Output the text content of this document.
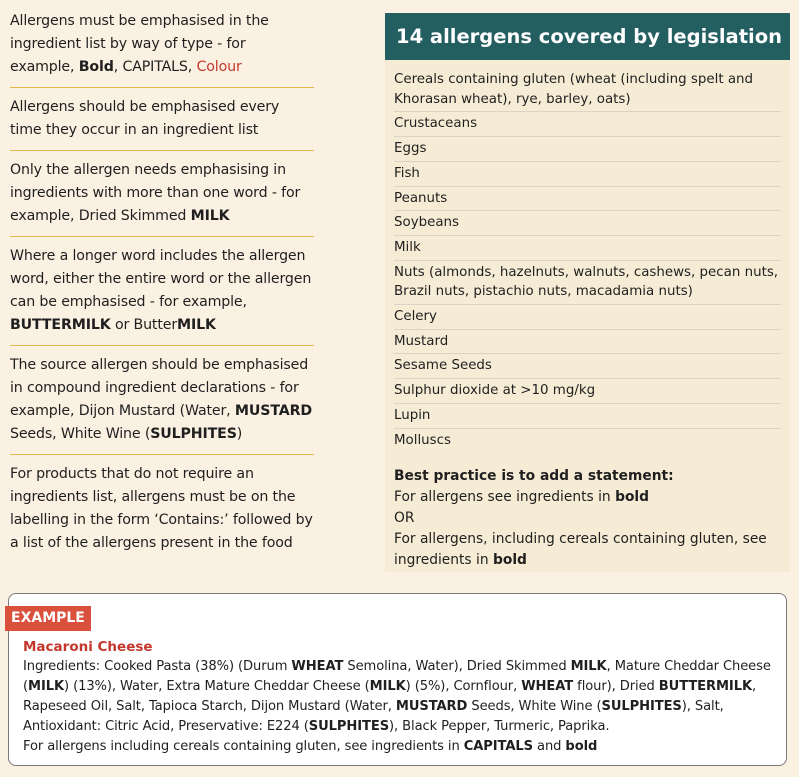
Allergens must be emphasised in the ingredient list by way of type - for example, Bold, CAPITALS, Colour
Allergens should be emphasised every time they occur in an ingredient list
Only the allergen needs emphasising in ingredients with more than one word - for example, Dried Skimmed MILK
Where a longer word includes the allergen word, either the entire word or the allergen can be emphasised - for example, BUTTERMILK or ButterMILK
The source allergen should be emphasised in compound ingredient declarations - for example, Dijon Mustard (Water, MUSTARD Seeds, White Wine (SULPHITES)
For products that do not require an ingredients list, allergens must be on the labelling in the form ‘Contains:’ followed by a list of the allergens present in the food
14 allergens covered by legislation
Cereals containing gluten (wheat (including spelt and Khorasan wheat), rye, barley, oats)
Crustaceans
Eggs
Fish
Peanuts
Soybeans
Milk
Nuts (almonds, hazelnuts, walnuts, cashews, pecan nuts, Brazil nuts, pistachio nuts, macadamia nuts)
Celery
Mustard
Sesame Seeds
Sulphur dioxide at >10 mg/kg
Lupin
Molluscs
Best practice is to add a statement:
For allergens see ingredients in bold
OR
For allergens, including cereals containing gluten, see ingredients in bold
EXAMPLE
Macaroni Cheese
Ingredients: Cooked Pasta (38%) (Durum WHEAT Semolina, Water), Dried Skimmed MILK, Mature Cheddar Cheese (MILK) (13%), Water, Extra Mature Cheddar Cheese (MILK) (5%), Cornflour, WHEAT flour), Dried BUTTERMILK, Rapeseed Oil, Salt, Tapioca Starch, Dijon Mustard (Water, MUSTARD Seeds, White Wine (SULPHITES), Salt, Antioxidant: Citric Acid, Preservative: E224 (SULPHITES), Black Pepper, Turmeric, Paprika.
For allergens including cereals containing gluten, see ingredients in CAPITALS and bold
